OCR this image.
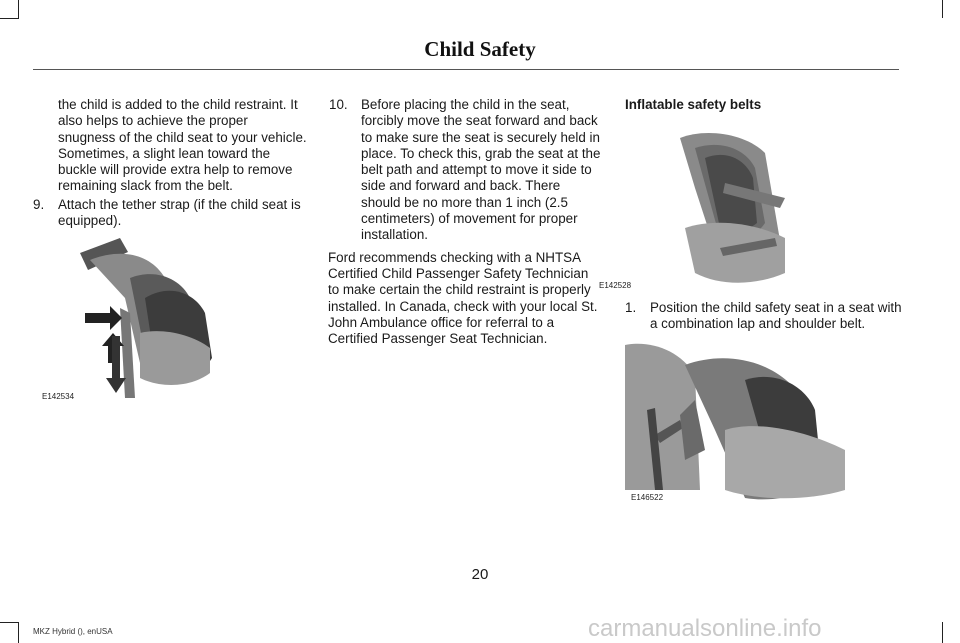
Child Safety

the child is added to the child restraint. It also helps to achieve the proper snugness of the child seat to your vehicle. Sometimes, a slight lean toward the buckle will provide extra help to remove remaining slack from the belt.

9. Attach the tether strap (if the child seat is equipped).

E142534

10. Before placing the child in the seat, forcibly move the seat forward and back to make sure the seat is securely held in place. To check this, grab the seat at the belt path and attempt to move it side to side and forward and back. There should be no more than 1 inch (2.5 centimeters) of movement for proper installation.

Ford recommends checking with a NHTSA Certified Child Passenger Safety Technician to make certain the child restraint is properly installed. In Canada, check with your local St. John Ambulance office for referral to a Certified Passenger Seat Technician.

Inflatable safety belts

E142528

1. Position the child safety seat in a seat with a combination lap and shoulder belt.

E146522
20
MKZ Hybrid (), enUSA	carmanualsonline.info
